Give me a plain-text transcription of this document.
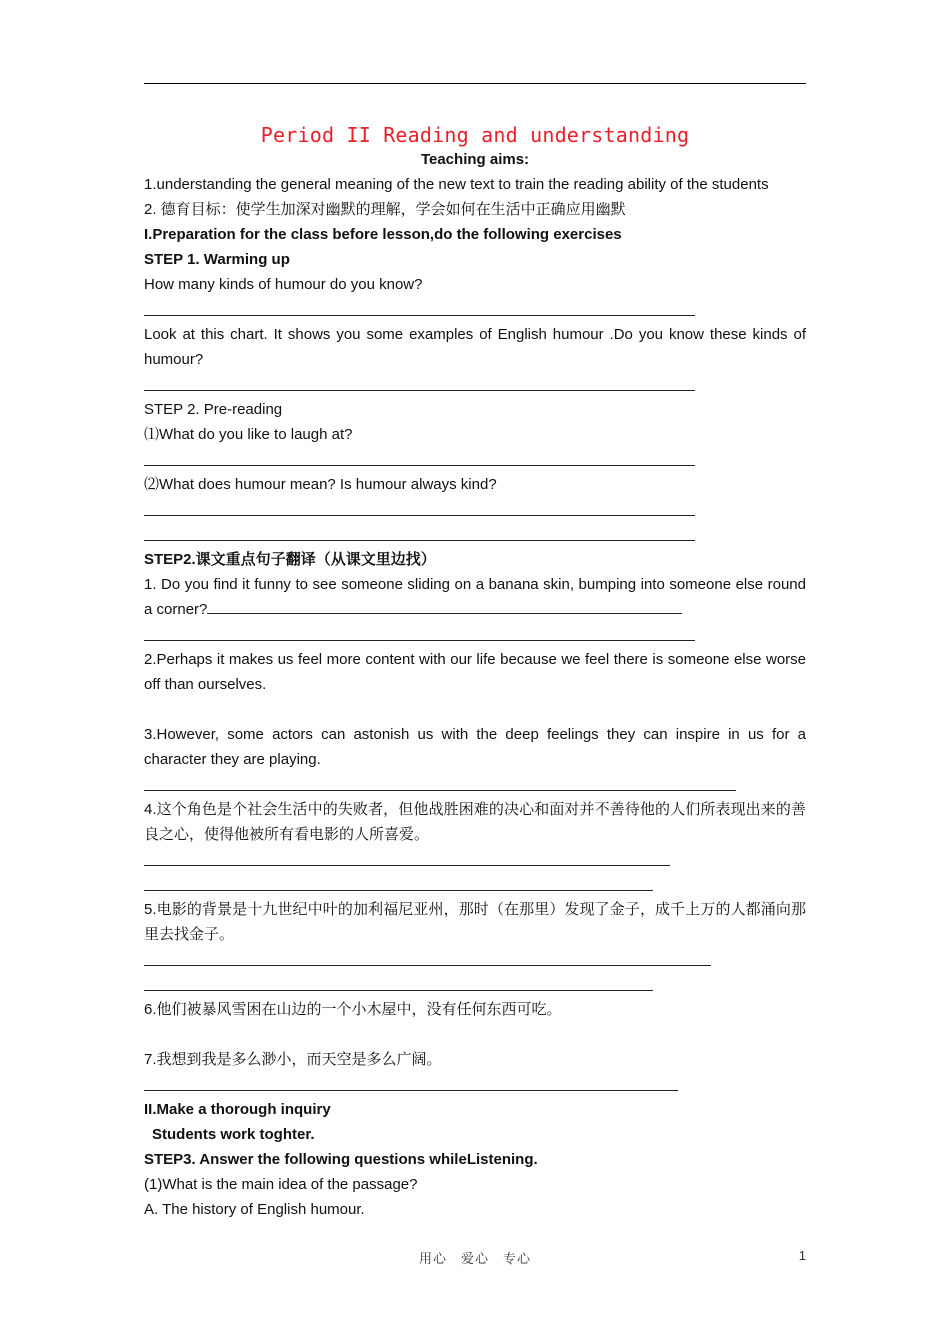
Period II Reading and understanding
Teaching aims:
1.understanding the general meaning of the new text to train the reading ability of the students
2. 德育目标：使学生加深对幽默的理解，学会如何在生活中正确应用幽默
I.Preparation for the class before lesson,do the following exercises
STEP 1. Warming up
How many kinds of humour do you know?
Look at this chart. It shows you some examples of English humour .Do you know these kinds of humour?
STEP 2. Pre-reading
⑴What do you like to laugh at?
⑵What does humour mean? Is humour always kind?
STEP2.课文重点句子翻译（从课文里边找）
1. Do you find it funny to see someone sliding on a banana skin, bumping into someone else round a corner?
2.Perhaps it makes us feel more content with our life because we feel there is someone else worse off than ourselves.
3.However, some actors can astonish us with the deep feelings they can inspire in us for a character they are playing.
4.这个角色是个社会生活中的失败者，但他战胜困难的决心和面对并不善待他的人们所表现出来的善良之心，使得他被所有看电影的人所喜爱。
5.电影的背景是十九世纪中叶的加利福尼亚州，那时（在那里）发现了金子，成千上万的人都涌向那里去找金子。
6.他们被暴风雪困在山边的一个小木屋中，没有任何东西可吃。
7.我想到我是多么渺小，而天空是多么广阔。
II.Make a thorough inquiry
Students work toghter.
STEP3. Answer the following questions whileListening.
(1)What is the main idea of the passage?
A. The history of English humour.
用心　爱心　专心	1
